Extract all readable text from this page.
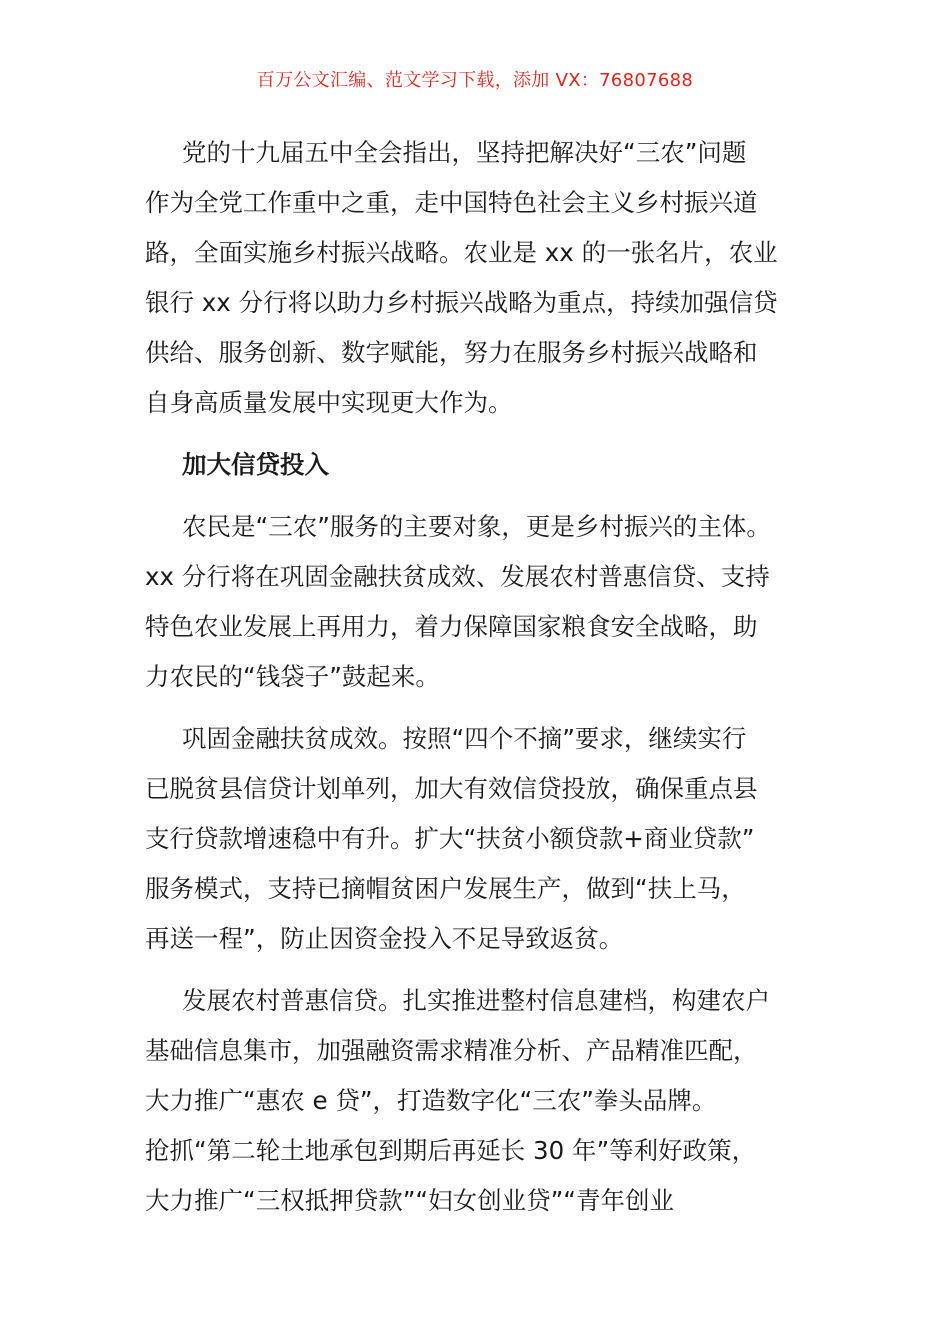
百万公文汇编、范文学习下载，添加 VX：76807688

党的十九届五中全会指出，坚持把解决好“三农”问题
作为全党工作重中之重，走中国特色社会主义乡村振兴道
路，全面实施乡村振兴战略。农业是 xx 的一张名片，农业
银行 xx 分行将以助力乡村振兴战略为重点，持续加强信贷
供给、服务创新、数字赋能，努力在服务乡村振兴战略和
自身高质量发展中实现更大作为。

加大信贷投入

农民是“三农”服务的主要对象，更是乡村振兴的主体。
xx 分行将在巩固金融扶贫成效、发展农村普惠信贷、支持
特色农业发展上再用力，着力保障国家粮食安全战略，助
力农民的“钱袋子”鼓起来。

巩固金融扶贫成效。按照“四个不摘”要求，继续实行
已脱贫县信贷计划单列，加大有效信贷投放，确保重点县
支行贷款增速稳中有升。扩大“扶贫小额贷款+商业贷款”
服务模式，支持已摘帽贫困户发展生产，做到“扶上马，
再送一程”，防止因资金投入不足导致返贫。

发展农村普惠信贷。扎实推进整村信息建档，构建农户
基础信息集市，加强融资需求精准分析、产品精准匹配，
大力推广“惠农 e 贷”，打造数字化“三农”拳头品牌。
抢抓“第二轮土地承包到期后再延长 30 年”等利好政策，
大力推广“三权抵押贷款”“妇女创业贷”“青年创业
